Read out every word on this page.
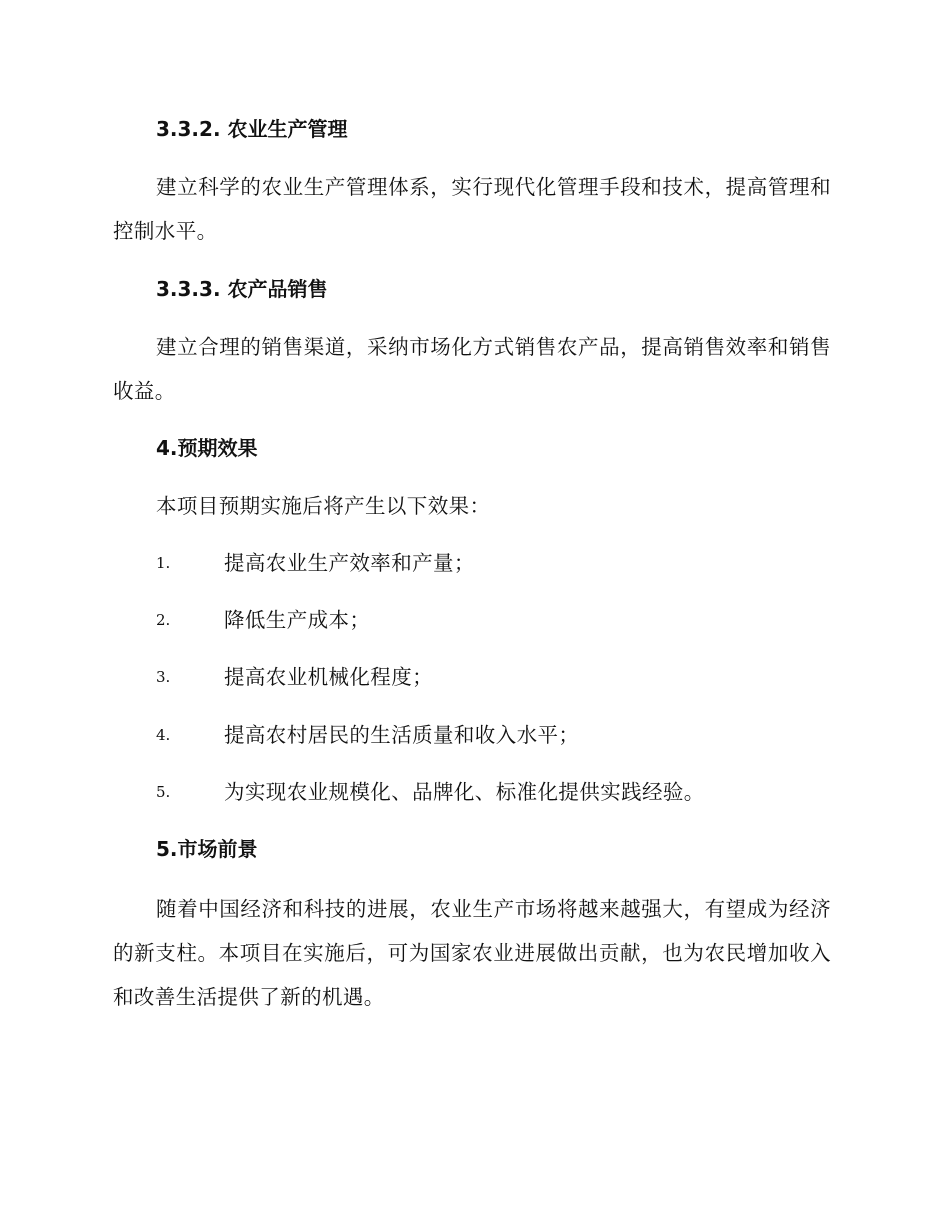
3.3.2. 农业生产管理
建立科学的农业生产管理体系，实行现代化管理手段和技术，提高管理和控制水平。
3.3.3. 农产品销售
建立合理的销售渠道，采纳市场化方式销售农产品，提高销售效率和销售收益。
4.预期效果
本项目预期实施后将产生以下效果：
1.	提高农业生产效率和产量；
2.	降低生产成本；
3.	提高农业机械化程度；
4.	提高农村居民的生活质量和收入水平；
5.	为实现农业规模化、品牌化、标准化提供实践经验。
5.市场前景
随着中国经济和科技的进展，农业生产市场将越来越强大，有望成为经济的新支柱。本项目在实施后，可为国家农业进展做出贡献，也为农民增加收入和改善生活提供了新的机遇。
